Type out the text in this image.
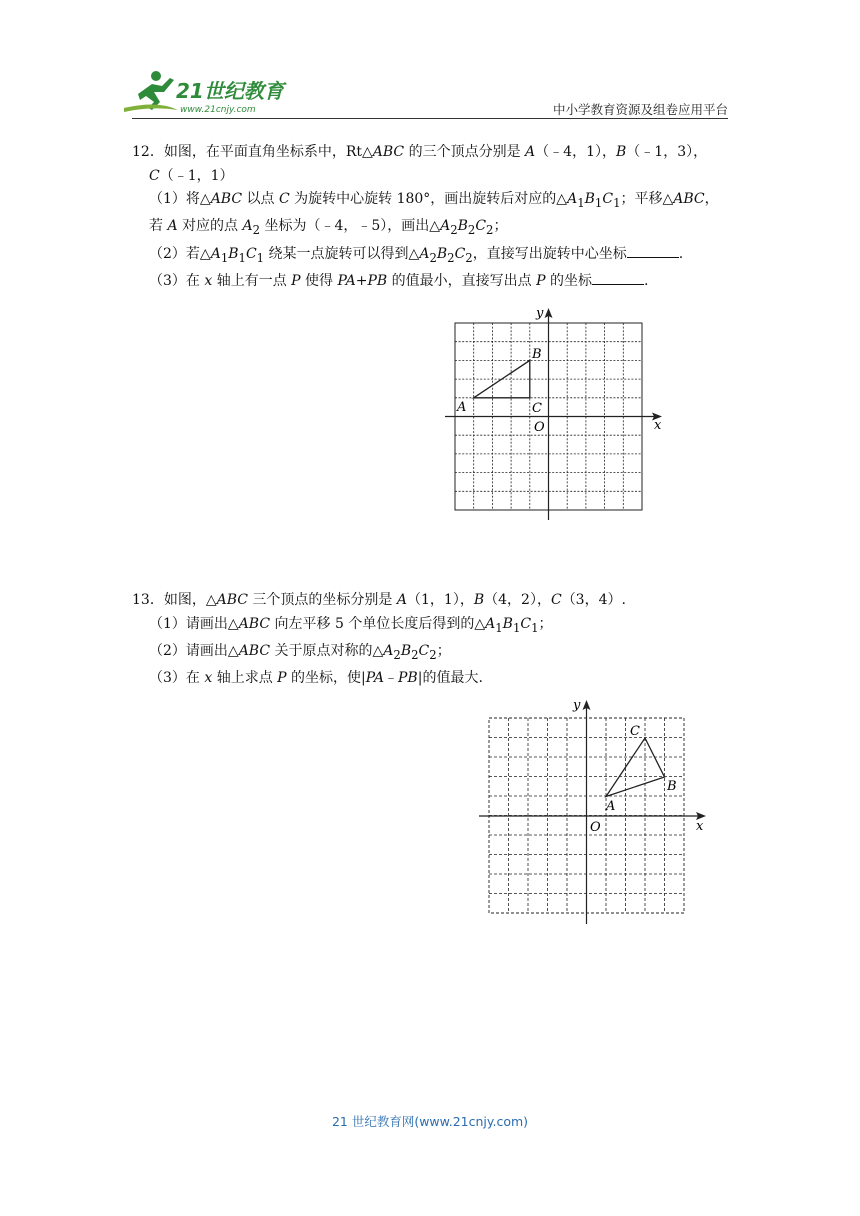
21世纪教育
www.21cnjy.com	中小学教育资源及组卷应用平台
12．如图，在平面直角坐标系中，Rt△ABC 的三个顶点分别是 A（﹣4，1），B（﹣1，3），
C（﹣1，1）
（1）将△ABC 以点 C 为旋转中心旋转 180°，画出旋转后对应的$\triangle A_1B_1C_1$；平移△ABC，
若 A 对应的点 $A_2$ 坐标为（﹣4，﹣5），画出$\triangle A_2B_2C_2$；
（2）若$\triangle A_1B_1C_1$ 绕某一点旋转可以得到$\triangle A_2B_2C_2$，直接写出旋转中心坐标	.
（3）在 x 轴上有一点 P 使得 PA+PB 的值最小，直接写出点 P 的坐标	.
y
x
A
B
C
O
13．如图，△ABC 三个顶点的坐标分别是 A（1，1），B（4，2），C（3，4）.
（1）请画出△ABC 向左平移 5 个单位长度后得到的$\triangle A_1B_1C_1$；
（2）请画出△ABC 关于原点对称的$\triangle A_2B_2C_2$；
（3）在 x 轴上求点 P 的坐标，使|PA﹣PB|的值最大.
y
x
A
B
C
O
21 世纪教育网(www.21cnjy.com)
